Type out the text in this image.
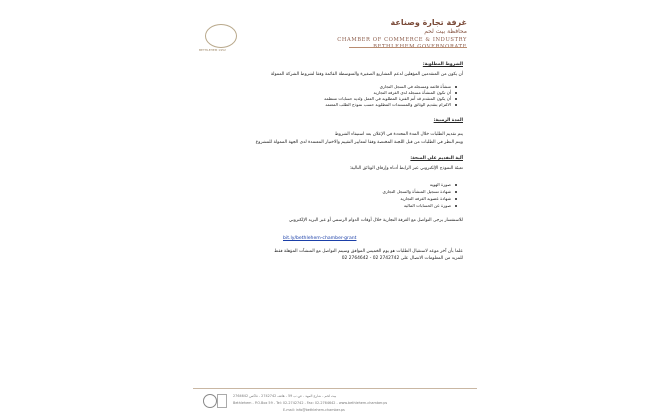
BETHLEHEM 1952
غرفة تجارة وصناعة
محافظة بيت لحم
CHAMBER OF COMMERCE & INDUSTRY
BETHLEHEM GOVERNORATE
الشروط المطلوبة:
أن يكون من المتقدمين المؤهلين لدعم المشاريع الصغيرة والمتوسطة القائمة وفقا لشروط الشركة الممولة
منشأة قائمة ومسجلة في السجل التجاري
أن تكون المنشأة مسجلة لدى الغرفة التجارية
أن يكون المتقدم قد أتم الفترة المطلوبة في العمل ولديه حسابات منتظمة
الالتزام بتقديم الوثائق والمستندات المطلوبة حسب نموذج الطلب المعتمد
المدة الزمنية:
يتم تقديم الطلبات خلال المدة المحددة في الإعلان بعد استيفاء الشروط
ويتم النظر في الطلبات من قبل اللجنة المختصة وفقا لمعايير التقييم والاختيار المعتمدة لدى الجهة الممولة للمشروع
آلية التقديم على المنحة:
تعبئة النموذج الإلكتروني عبر الرابط أدناه وإرفاق الوثائق التالية:
صورة الهوية
شهادة تسجيل المنشأة والسجل التجاري
شهادة عضوية الغرفة التجارية
صورة عن الحسابات المالية
للاستفسار يرجى التواصل مع الغرفة التجارية خلال أوقات الدوام الرسمي أو عبر البريد الإلكتروني
bit.ly/bethlehem-chamber-grant
علما بأن آخر موعد لاستقبال الطلبات هو يوم الخميس الموافق وسيتم التواصل مع المنشآت المؤهلة فقط
للمزيد من المعلومات الاتصال على 2742742 02 - 2764642 02
بيت لحم - شارع المهد - ص.ب 59 - هاتف 2742742 - فاكس 2764642
Bethlehem - P.O.Box 59 - Tel: 02-2742742 - Fax: 02-2764642 - www.bethlehem-chamber.ps
E-mail: info@bethlehem-chamber.ps
